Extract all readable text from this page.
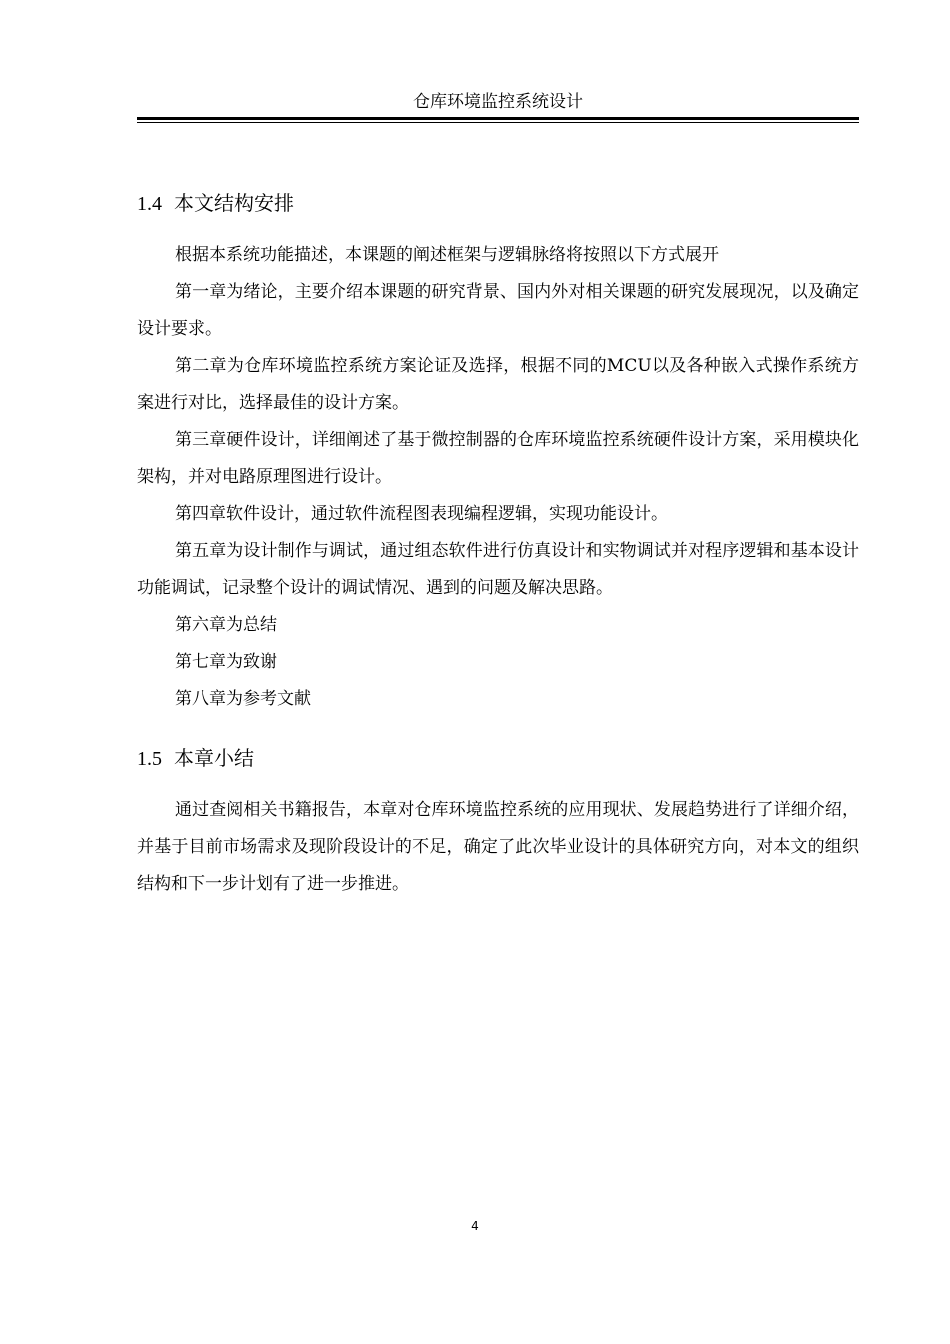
仓库环境监控系统设计
1.4 本文结构安排

根据本系统功能描述，本课题的阐述框架与逻辑脉络将按照以下方式展开

第一章为绪论，主要介绍本课题的研究背景、国内外对相关课题的研究发展现况，以及确定设计要求。

第二章为仓库环境监控系统方案论证及选择，根据不同的MCU以及各种嵌入式操作系统方案进行对比，选择最佳的设计方案。

第三章硬件设计，详细阐述了基于微控制器的仓库环境监控系统硬件设计方案，采用模块化架构，并对电路原理图进行设计。

第四章软件设计，通过软件流程图表现编程逻辑，实现功能设计。

第五章为设计制作与调试，通过组态软件进行仿真设计和实物调试并对程序逻辑和基本设计功能调试，记录整个设计的调试情况、遇到的问题及解决思路。

第六章为总结

第七章为致谢

第八章为参考文献

1.5 本章小结

通过查阅相关书籍报告，本章对仓库环境监控系统的应用现状、发展趋势进行了详细介绍，并基于目前市场需求及现阶段设计的不足，确定了此次毕业设计的具体研究方向，对本文的组织结构和下一步计划有了进一步推进。

4
